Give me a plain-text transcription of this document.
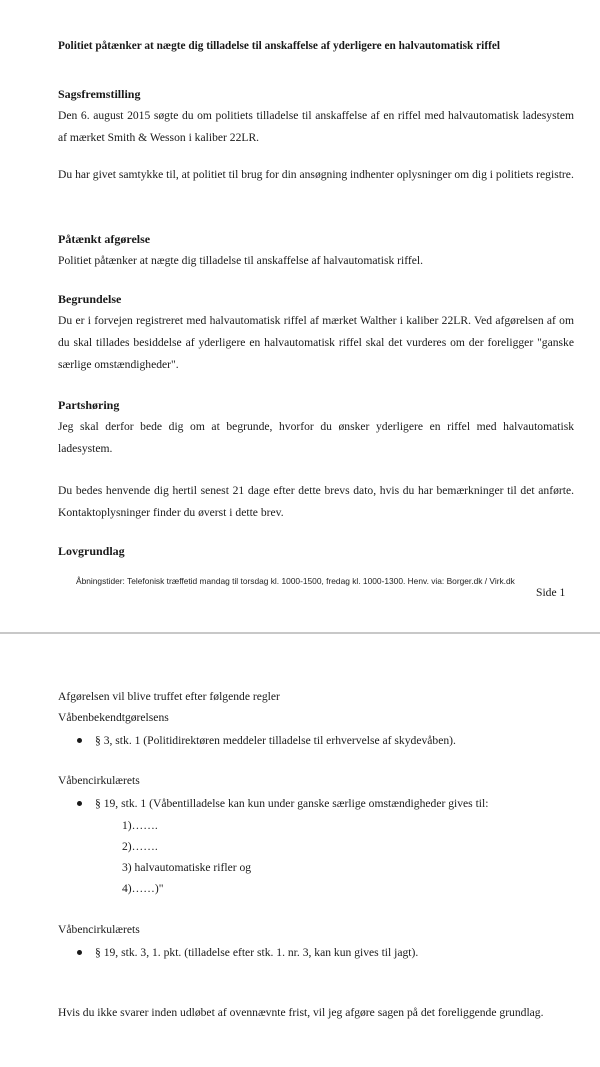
Politiet påtænker at nægte dig tilladelse til anskaffelse af yderligere en halvautomatisk riffel
Sagsfremstilling

Den 6. august 2015 søgte du om politiets tilladelse til anskaffelse af en riffel med halvautomatisk ladesystem af mærket Smith & Wesson i kaliber 22LR.

Du har givet samtykke til, at politiet til brug for din ansøgning indhenter oplysninger om dig i politiets registre.

Påtænkt afgørelse

Politiet påtænker at nægte dig tilladelse til anskaffelse af halvautomatisk riffel.

Begrundelse

Du er i forvejen registreret med halvautomatisk riffel af mærket Walther i kaliber 22LR. Ved afgørelsen af om du skal tillades besiddelse af yderligere en halvautomatisk riffel skal det vurderes om der foreligger "ganske særlige omstændigheder".

Partshøring

Jeg skal derfor bede dig om at begrunde, hvorfor du ønsker yderligere en riffel med halvautomatisk ladesystem.

Du bedes henvende dig hertil senest 21 dage efter dette brevs dato, hvis du har bemærkninger til det anførte. Kontaktoplysninger finder du øverst i dette brev.

Lovgrundlag
Åbningstider: Telefonisk træffetid mandag til torsdag kl. 1000-1500, fredag kl. 1000-1300. Henv. via: Borger.dk / Virk.dk
Side 1
Afgørelsen vil blive truffet efter følgende regler
Våbenbekendtgørelsens
§ 3, stk. 1 (Politidirektøren meddeler tilladelse til erhvervelse af skydevåben).
Våbencirkulærets
§ 19, stk. 1 (Våbentilladelse kan kun under ganske særlige omstændigheder gives til:
1)…….
2)…….
3) halvautomatiske rifler og
4)……)"
Våbencirkulærets
§ 19, stk. 3, 1. pkt. (tilladelse efter stk. 1. nr. 3, kan kun gives til jagt).
Hvis du ikke svarer inden udløbet af ovennævnte frist, vil jeg afgøre sagen på det foreliggende grundlag.
